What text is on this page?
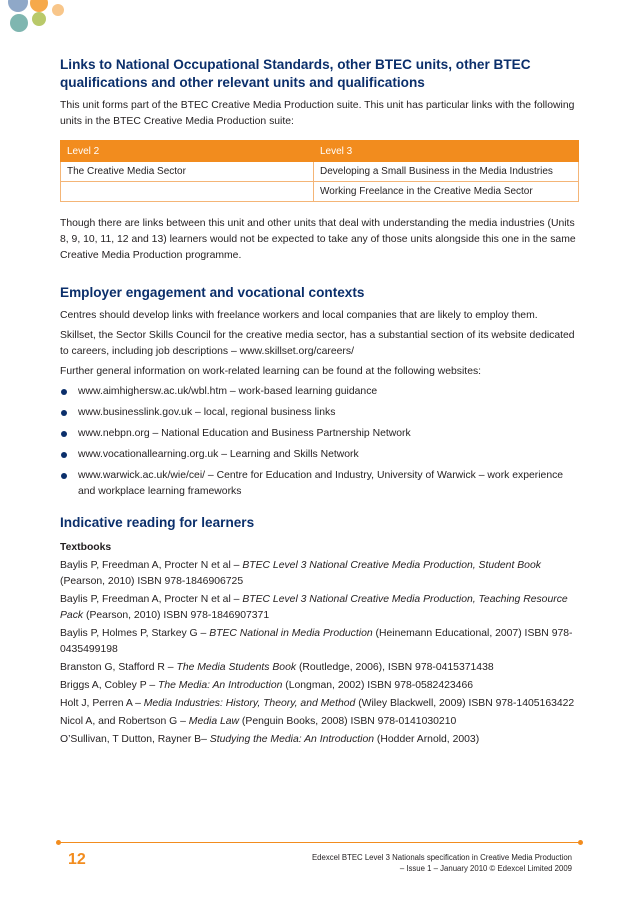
Links to National Occupational Standards, other BTEC units, other BTEC qualifications and other relevant units and qualifications

This unit forms part of the BTEC Creative Media Production suite. This unit has particular links with the following units in the BTEC Creative Media Production suite:

Level 2	Level 3
The Creative Media Sector	Developing a Small Business in the Media Industries
	Working Freelance in the Creative Media Sector

Though there are links between this unit and other units that deal with understanding the media industries (Units 8, 9, 10, 11, 12 and 13) learners would not be expected to take any of those units alongside this one in the same Creative Media Production programme.

Employer engagement and vocational contexts

Centres should develop links with freelance workers and local companies that are likely to employ them.

Skillset, the Sector Skills Council for the creative media sector, has a substantial section of its website dedicated to careers, including job descriptions – www.skillset.org/careers/

Further general information on work-related learning can be found at the following websites:

www.aimhighersw.ac.uk/wbl.htm – work-based learning guidance
www.businesslink.gov.uk – local, regional business links
www.nebpn.org – National Education and Business Partnership Network
www.vocationallearning.org.uk – Learning and Skills Network
www.warwick.ac.uk/wie/cei/ – Centre for Education and Industry, University of Warwick – work experience and workplace learning frameworks
Indicative reading for learners
Textbooks

Baylis P, Freedman A, Procter N et al – BTEC Level 3 National Creative Media Production, Student Book (Pearson, 2010) ISBN 978-1846906725

Baylis P, Freedman A, Procter N et al – BTEC Level 3 National Creative Media Production, Teaching Resource Pack (Pearson, 2010) ISBN 978-1846907371

Baylis P, Holmes P, Starkey G – BTEC National in Media Production (Heinemann Educational, 2007) ISBN 978-0435499198

Branston G, Stafford R – The Media Students Book (Routledge, 2006), ISBN 978-0415371438

Briggs A, Cobley P – The Media: An Introduction (Longman, 2002) ISBN 978-0582423466

Holt J, Perren A – Media Industries: History, Theory, and Method (Wiley Blackwell, 2009) ISBN 978-1405163422

Nicol A, and Robertson G – Media Law (Penguin Books, 2008) ISBN 978-0141030210

O’Sullivan, T Dutton, Rayner B– Studying the Media: An Introduction (Hodder Arnold, 2003)

12	Edexcel BTEC Level 3 Nationals specification in Creative Media Production
– Issue 1 – January 2010 © Edexcel Limited 2009
